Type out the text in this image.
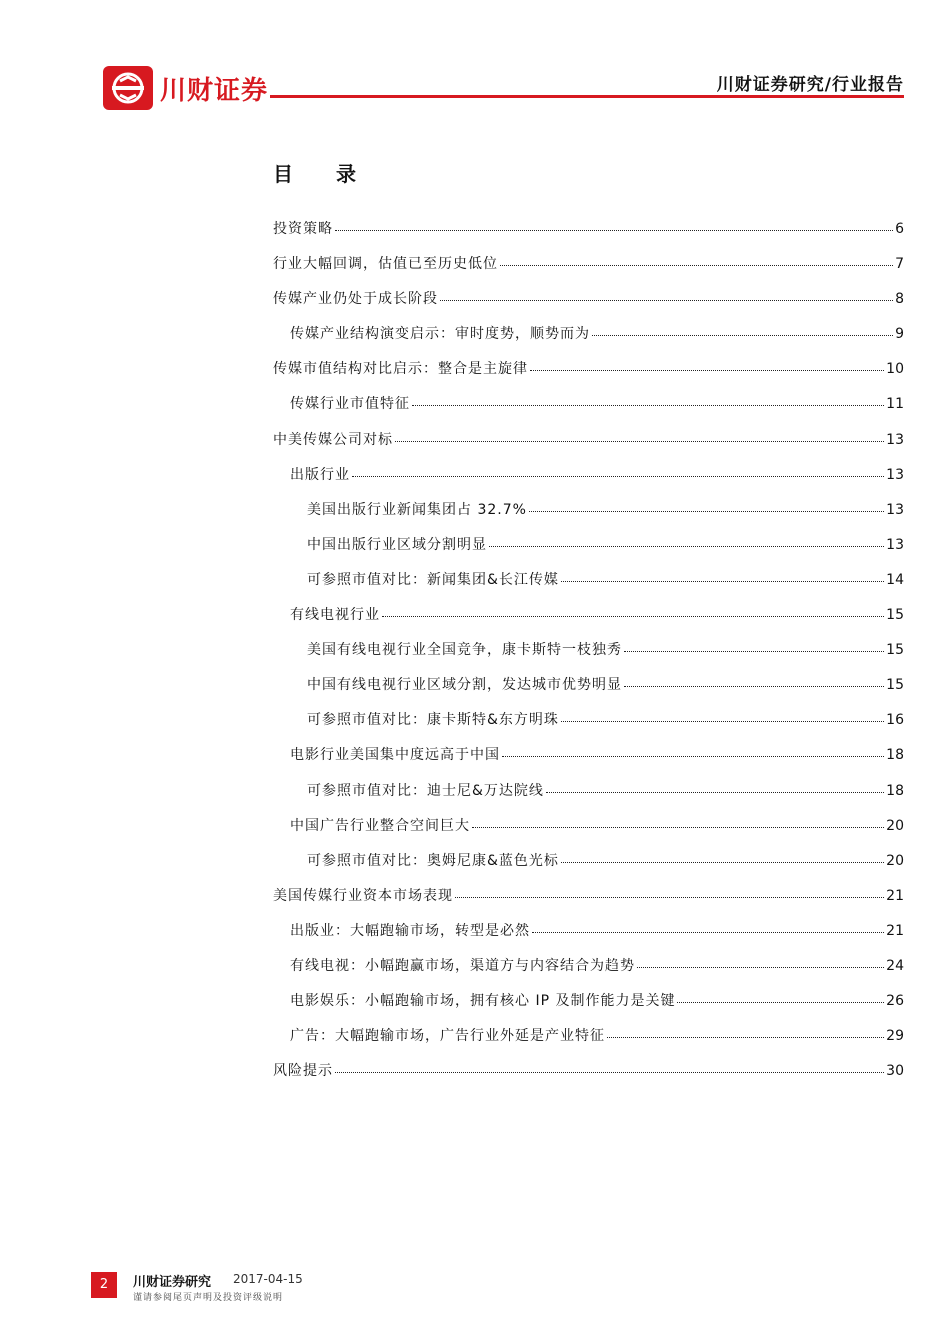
川财证券	川财证券研究/行业报告
目 录
投资策略	6
行业大幅回调，估值已至历史低位	7
传媒产业仍处于成长阶段	8
传媒产业结构演变启示：审时度势，顺势而为	9
传媒市值结构对比启示：整合是主旋律	10
传媒行业市值特征	11
中美传媒公司对标	13
出版行业	13
美国出版行业新闻集团占 32.7%	13
中国出版行业区域分割明显	13
可参照市值对比：新闻集团&长江传媒	14
有线电视行业	15
美国有线电视行业全国竞争，康卡斯特一枝独秀	15
中国有线电视行业区域分割，发达城市优势明显	15
可参照市值对比：康卡斯特&东方明珠	16
电影行业美国集中度远高于中国	18
可参照市值对比：迪士尼&万达院线	18
中国广告行业整合空间巨大	20
可参照市值对比：奥姆尼康&蓝色光标	20
美国传媒行业资本市场表现	21
出版业：大幅跑输市场，转型是必然	21
有线电视：小幅跑赢市场，渠道方与内容结合为趋势	24
电影娱乐：小幅跑输市场，拥有核心 IP 及制作能力是关键	26
广告：大幅跑输市场，广告行业外延是产业特征	29
风险提示	30
2	川财证券研究 2017-04-15
谨请参阅尾页声明及投资评级说明
